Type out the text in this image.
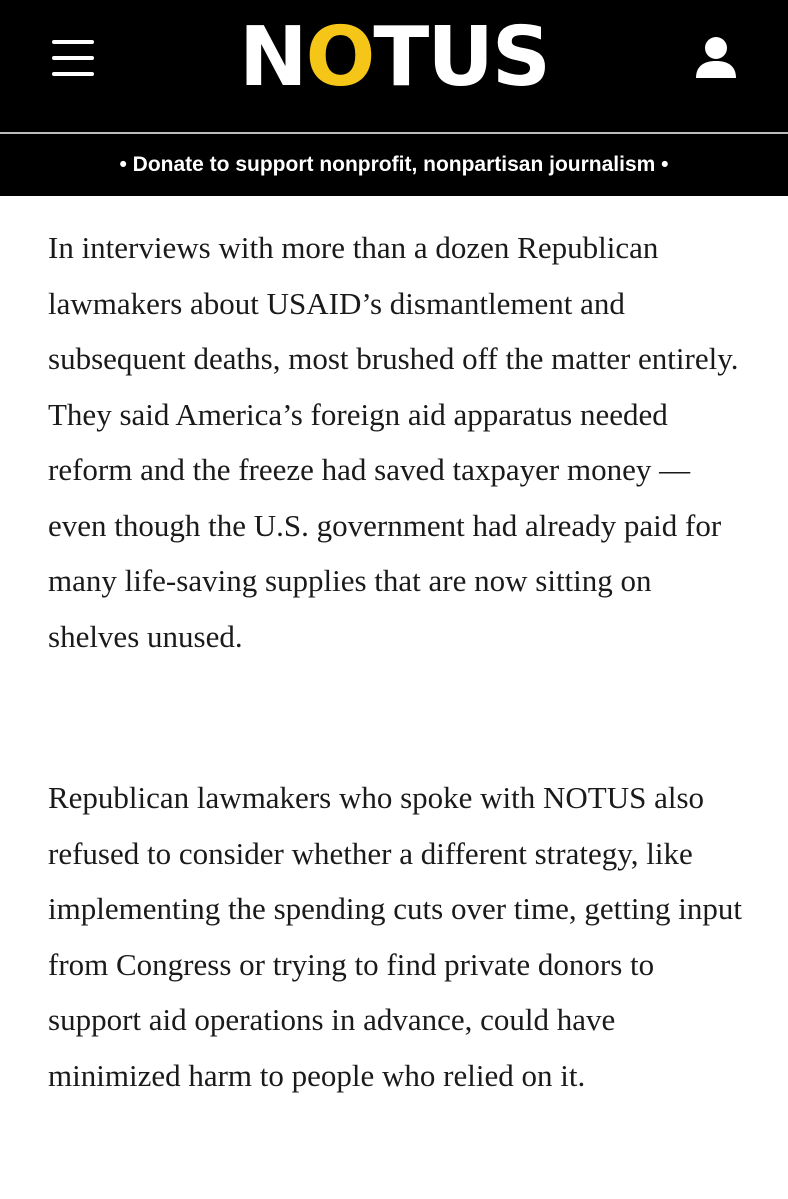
N O TUS
• Donate to support nonprofit, nonpartisan journalism •

In interviews with more than a dozen Republican lawmakers about USAID’s dismantlement and subsequent deaths, most brushed off the matter entirely. They said America’s foreign aid apparatus needed reform and the freeze had saved taxpayer money — even though the U.S. government had already paid for many life-saving supplies that are now sitting on shelves unused.

Republican lawmakers who spoke with NOTUS also refused to consider whether a different strategy, like implementing the spending cuts over time, getting input from Congress or trying to find private donors to support aid operations in advance, could have minimized harm to people who relied on it.
